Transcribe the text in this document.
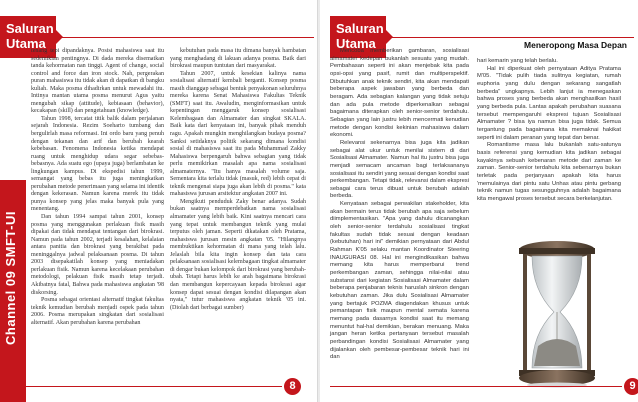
Saluran
Utama
Channel 09 SMFT-UI

tenang tepi dipandaknya. Posisi mahasiswa saat itu sedemikian pentingnya. Di dada mereka disematkan tanda kehormatan nan tinggi. Agent of change, social control and force dan iron stock. Nah, pergerakan puran mahasiswa itu tidak akan di dapatkan di bangku kuliah. Maka posma dihadirkan untuk mewadahi itu. Intinya mantan utama posma menurut Agus yaitu mengubah sikap (attitude), kebiasaan (behavior), kecakapan (skill) dan pengetahuan (knowledge).

Tahun 1998, tercatat titik balik dalam perjalanan sejarah Indonesia. Rezim Soeharto tumbang dan bergulirlah masa reformasi. Ini ordo baru yang penuh dengan tekanan dan arif dan berubah kearah kebebasan. Fenomena Indonesia ketika mendapat ruang untuk menghidup udara segar sebebas-bebasnya. Ada suatu ego (upaya juga) berlambatan ke lingkungan kampus. Di ekspedisi tahun 1999, semangat yang bebas itu juga meningkatkan perubahan metode penerimaan yang selama ini identik dengan kekerasan. Namun karena merek itu tidak punya konsep yang jelas maka banyak pula yang menentang.

Dan tahun 1994 sampai tahun 2001, konsep posma yang menggunakan perlakuan fisik masih dipakai dan tidak mendapat tentangan dari birokrasi. Namun pada tahun 2002, terjadi kesalahan, kelalaian antara panitia dan birokrasi yang berakibat pada meninggalnya jadwal pelaksanaan posma. Di tahun 2003 disepakatilah konsep yang meniadakan perlakuan fisik. Namun karena kecelakaan perubahan metodologi, pelakuan fisik masih tetap terjadi. Akibatnya fatal, Bahwa pada mahasiswa angkatan '98 diskorsing.

Posma sebagai orientasi alternatif tingkat fakultas teknik kemudian berubah menjadi ospek pada tahun 2006. Posma merupakan singkatan dari sosialisasi alternatif. Akan perubahan karena perubahan

kebutuhan pada masa itu dimana banyak hambatan yang menghadang di lakuan adanya posma. Baik dari birokrasi maupun tuntutan dari masyarakat.

Tahun 2007, untuk kesekian kalinya nama sosialisasi alternatif kembali berganti. Konsep posma masih dianggap sebagai bentuk penyakonan seluruhnya mereka karena Senat Mahasiswa Fakultas Teknik (SMFT) saat itu. Awaludin, menginformasikan untuk kepentingan menggaruk konsep sosialisasi Kelembagaan dan Almamater dan singkat SKALA. Baik kata dari kenyataan ini, banyak pihak menduh ragu. Apakah mungkin menghilangkan budaya posma? Sanksi setidaknya politik sekarang dimana kondisi sosial di mahasiswa saat itu pada Muhammad Zakky Mahasiswa berpengaruh bahwa sebagian yang tidak perlu memikirkan masalah apa nama sosialisasi almamaternya. "Itu hanya masalah volume saja. Sementara kita terlalu tidak (masuk, red) lebih cepat di teknik mengenai siapa juga akan lebih di posma." kata mahasiswa jurusan arsitektur angkatan 2007 ini.

Mengikuti penduduk Zaky benar adanya. Sudah bukan saatnya memperdebatkan nama sosialisasi almamater yang lebih baik. Kini saatnya mencari cara yang tepat untuk membangun teknik yang mulai terputus oleh jaman. Seperti dikatakan oleh Pratama, mahasiswa jurusan mesin angkatan '05. "Hilangnya membuktikan kehormatan di mana yang telah lalu. Jelaslah bila kita ingin konsep dan tata cara pelaksanaan sosialisasi kelembagaan tingkat almamater di dengar bukan kelompok dari birokrasi yang berubah-ubah. Tetapi harus lebih ke arah bagaimana birokrasi dan membangun kepercayaan kepada birokrasi agar konsep dapat sesuai dengan kondisi dilapangan akan nyata," tutur mahasiswa angkatan teknik '05 ini. (Diolah dari berbagai sumber)

8
Saluran
Utama	Meneropong Masa Depan

Mencoba memberikan gambaran, sosialisasi almamater kedepan bukanlah sesuatu yang mudah. Pembahasan seperti ini akan menjebak kita pada opsi-opsi yang pasif, rumit dan multiperspektif. Dibutuhkan anak teknik sendiri, kita akan mendapati beberapa aspek jawaban yang berbeda dan beragam. Ada sebagian kalangan yang tidak setuju dan ada pula metode diperkenalkan sebagai bagaimana diterapkan oleh senior-senior terdahulu. Sebagian yang lain justru lebih mencermati kenudian metode dengan kondisi kekinian mahasiswa dalam ekonomi.

Relevansi sekenarnya bisa juga kita jadikan sebagai alat ukur untuk menilai sistem di dari Sosialisasi Almamater. Namun hal itu justru bisa juga menjadi semacam ancaman bagi terlaksananya sosialisasi itu sendiri yang sesuai dengan kondisi saat perkembangan. Tetapi tidak, relevansi dalam ekspresi sebagai cara terus dibuat untuk berubah adalah berbeda.

Kenyataan sebagai perwakilan stakeholder, kita akan bermain terus tidak berubah apa saja sebelum diimplementasikan. "Apa yang dahulu dicanangkan oleh senior-senior terdahulu sosialisasi tingkat fakultas sudah tidak sesuai dengan keadaan (kebutuhan) hari ini" demikian pernyataan dari Abdul Rahman K'05 selaku mantan Koordinator Steering INAUGURASI 08. Hal ini mengindikasikan bahwa memang kita harus memperbarui trend perkembangan zaman, sehingga nilai-nilai atau substansi dari kegiatan Sosialisasi Almamater dalam beberapa penjabaran teknis haruslah sinkron dengan kebutuhan zaman. Jika dulu Sosialisasi Almamater yang bertajuk POZMA diagendakan khusus untuk pemantapan fisik maupun mental semata karena memang pada dasarnya kondisi saat itu memang menuntut hal-hal demikian, berakan menuang. Maka jangan heran ketika pertanyaan tersebut masalah perbandingan kondisi Sosialisasi Almamater yang dijalankan oleh pembesar-pembesar teknik hari ini dan

hari kemarin yang telah berlalu.

Hal ini diperkuat oleh pernyataan Aditya Pratama M'05. "Tidak pulih tiada sulitnya kegiatan, rumah euphoria yang dulu dengan sekarang sangatlah berbeda" ungkapnya. Lebih lanjut ia menegaskan bahwa proses yang berbeda akan menghasilkan hasil yang berbeda pula. Lantas apakah perubahan suasana tersebut mempengaruhi ekspresi tujuan Sosialisasi Almamater ? bisa iya namun bisa juga tidak. Semua tergantung pada bagaimana kita memaknai hakikat seperti ini dalam peranan yang tepat dan benar.

Romantisme masa lalu bukanlah satu-satunya basis referensi yang kemudian kita jadikan sebagai kayakinya sebuah kebenaran metode dari zaman ke zaman. Senior-senior terdahulu kita sebenarnya bukan terletak pada perjanyaan apakah kita harus 'memulainya dari pintu satu Unhas atau pintu gerbang teknik namun tugas sesungguhnya adalah bagaimana kita mengawal proses tersebut secara berkelanjutan.

9
